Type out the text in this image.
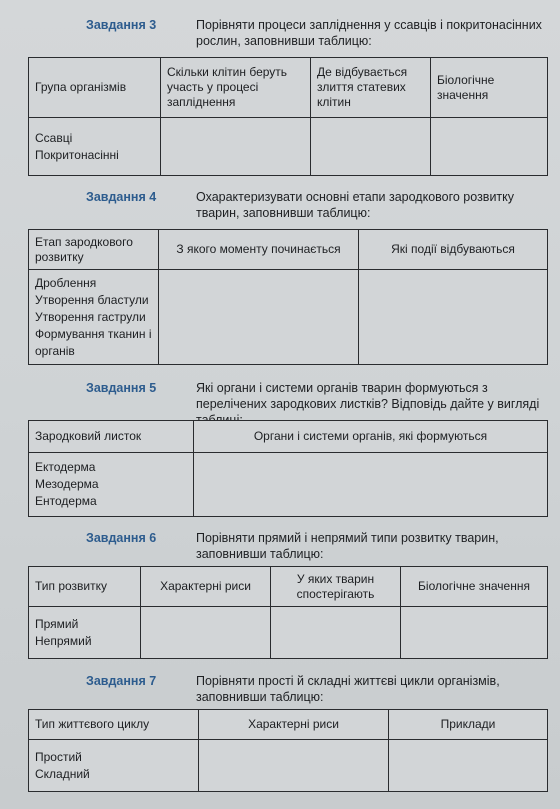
Завдання 3	Порівняти процеси запліднення у ссавців і покритонасінних рослин, заповнивши таблицю:
Група організмів	Скільки клітин беруть участь у процесі запліднення	Де відбувається злиття статевих клітин	Біологічне значення

Ссавці
Покритонасінні			

Завдання 4	Охарактеризувати основні етапи зародкового розвитку тварин, заповнивши таблицю:
Етап зародкового розвитку	З якого моменту починається	Які події відбуваються

Дроблення
Утворення бластули
Утворення гаструли
Формування тканин і органів		

Завдання 5	Які органи і системи органів тварин формуються з перелічених зародкових листків? Відповідь дайте у вигляді
Зародковий листок	Органи і системи органів, які формуються

Ектодерма
Мезодерма
Ентодерма	

Завдання 6	Порівняти прямий і непрямий типи розвитку тварин, заповнивши таблицю:
Тип розвитку	Характерні риси	У яких тварин спостерігають	Біологічне значення

Прямий
Непрямий			

Завдання 7	Порівняти прості й складні життєві цикли організмів, заповнивши таблицю:
Тип життєвого циклу	Характерні риси	Приклади

Простий
Складний		
